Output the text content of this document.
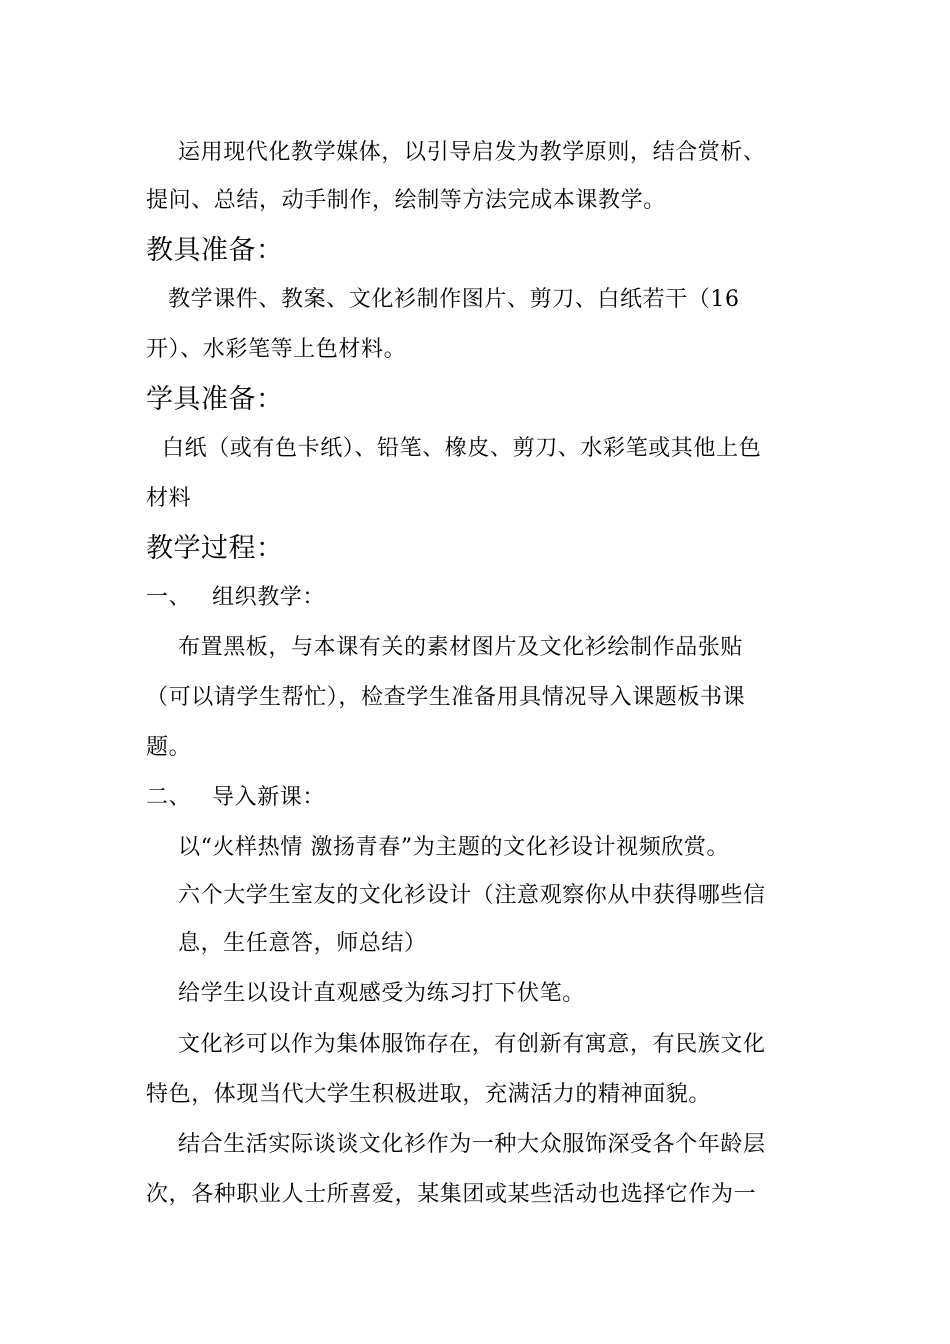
运用现代化教学媒体，以引导启发为教学原则，结合赏析、
提问、总结，动手制作，绘制等方法完成本课教学。
教具准备：
教学课件、教案、文化衫制作图片、剪刀、白纸若干（16
开）、水彩笔等上色材料。
学具准备：
白纸（或有色卡纸）、铅笔、橡皮、剪刀、水彩笔或其他上色
材料
教学过程：
一、 组织教学：
布置黑板，与本课有关的素材图片及文化衫绘制作品张贴
（可以请学生帮忙），检查学生准备用具情况导入课题板书课
题。
二、 导入新课：
以“火样热情 激扬青春”为主题的文化衫设计视频欣赏。
六个大学生室友的文化衫设计（注意观察你从中获得哪些信
息，生任意答，师总结）
给学生以设计直观感受为练习打下伏笔。
文化衫可以作为集体服饰存在，有创新有寓意，有民族文化
特色，体现当代大学生积极进取，充满活力的精神面貌。
结合生活实际谈谈文化衫作为一种大众服饰深受各个年龄层
次，各种职业人士所喜爱，某集团或某些活动也选择它作为一
